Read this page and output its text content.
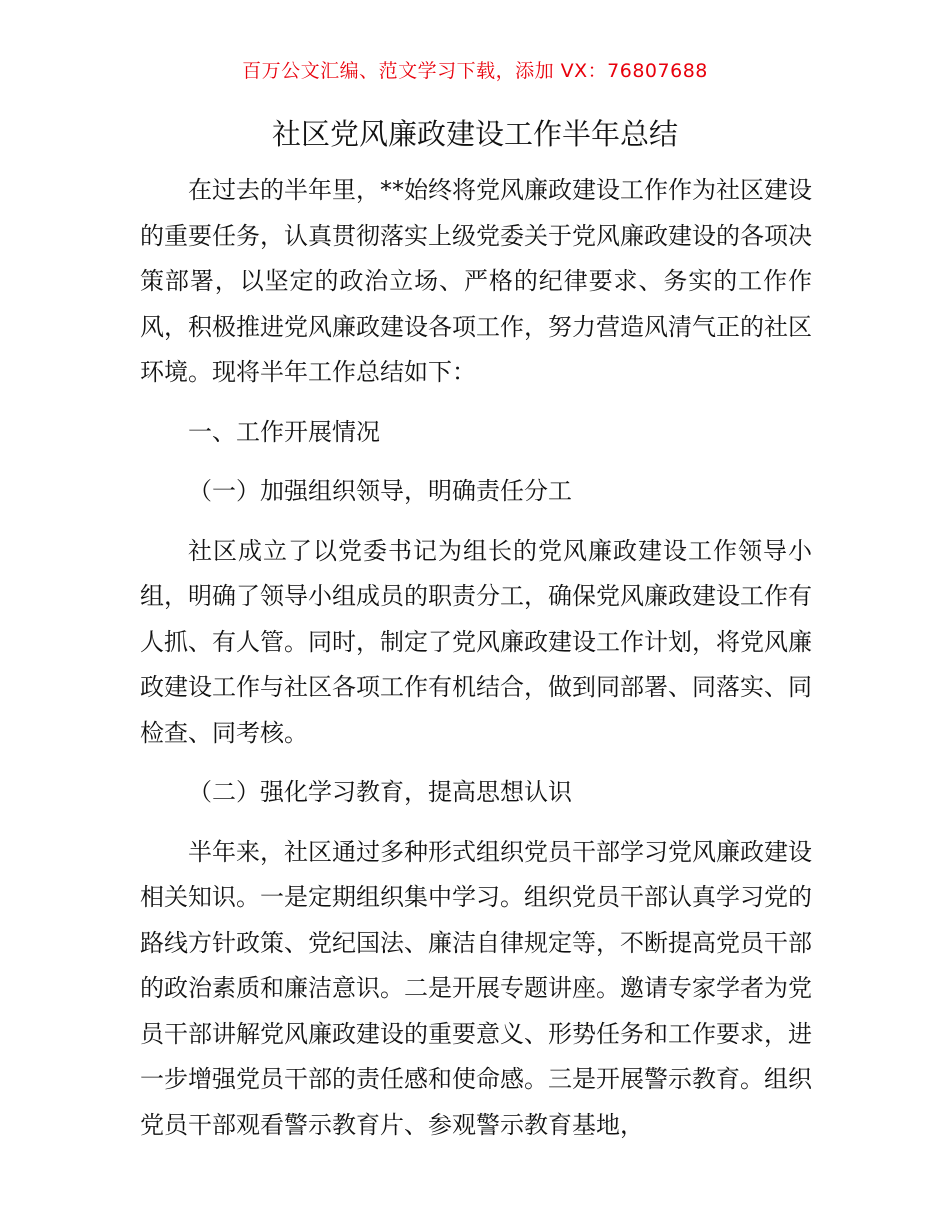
百万公文汇编、范文学习下载，添加 VX：76807688
社区党风廉政建设工作半年总结

在过去的半年里，**始终将党风廉政建设工作作为社区建设的重要任务，认真贯彻落实上级党委关于党风廉政建设的各项决策部署，以坚定的政治立场、严格的纪律要求、务实的工作作风，积极推进党风廉政建设各项工作，努力营造风清气正的社区环境。现将半年工作总结如下：

一、工作开展情况

（一）加强组织领导，明确责任分工

社区成立了以党委书记为组长的党风廉政建设工作领导小组，明确了领导小组成员的职责分工，确保党风廉政建设工作有人抓、有人管。同时，制定了党风廉政建设工作计划，将党风廉政建设工作与社区各项工作有机结合，做到同部署、同落实、同检查、同考核。

（二）强化学习教育，提高思想认识

半年来，社区通过多种形式组织党员干部学习党风廉政建设相关知识。一是定期组织集中学习。组织党员干部认真学习党的路线方针政策、党纪国法、廉洁自律规定等，不断提高党员干部的政治素质和廉洁意识。二是开展专题讲座。邀请专家学者为党员干部讲解党风廉政建设的重要意义、形势任务和工作要求，进一步增强党员干部的责任感和使命感。三是开展警示教育。组织党员干部观看警示教育片、参观警示教育基地，
